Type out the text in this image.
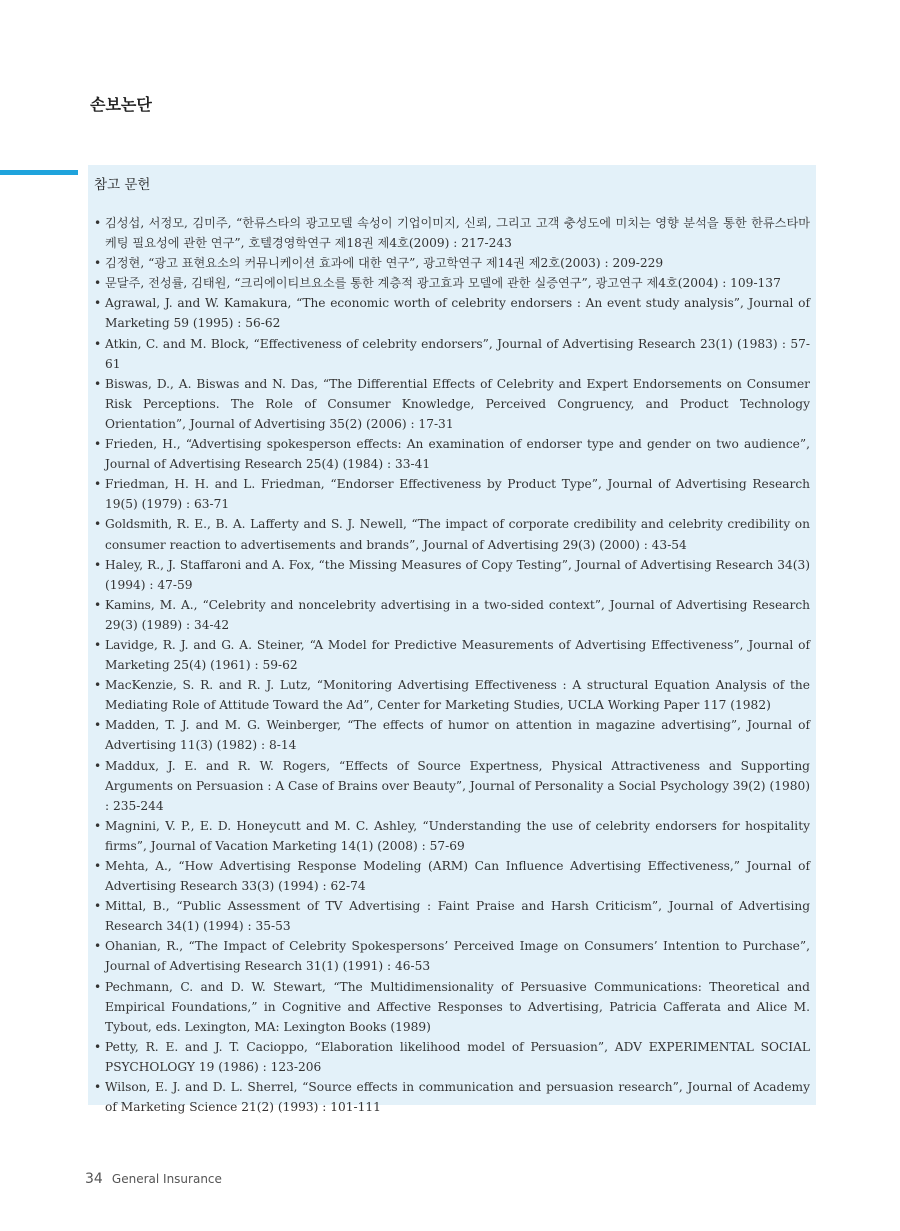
손보논단
참고 문헌
• 김성섭, 서정모, 김미주, “한류스타의 광고모델 속성이 기업이미지, 신뢰, 그리고 고객 충성도에 미치는 영향 분석을 통한 한류스타마케팅 필요성에 관한 연구”, 호텔경영학연구 제18권 제4호(2009) : 217-243
• 김정현, “광고 표현요소의 커뮤니케이션 효과에 대한 연구”, 광고학연구 제14권 제2호(2003) : 209-229
• 문달주, 전성률, 김태원, “크리에이티브요소를 통한 계층적 광고효과 모델에 관한 실증연구”, 광고연구 제4호(2004) : 109-137
• Agrawal, J. and W. Kamakura, “The economic worth of celebrity endorsers : An event study analysis”, Journal of Marketing 59 (1995) : 56-62
• Atkin, C. and M. Block, “Effectiveness of celebrity endorsers”, Journal of Advertising Research 23(1) (1983) : 57-61
• Biswas, D., A. Biswas and N. Das, “The Differential Effects of Celebrity and Expert Endorsements on Consumer Risk Perceptions. The Role of Consumer Knowledge, Perceived Congruency, and Product Technology Orientation”, Journal of Advertising 35(2) (2006) : 17-31
• Frieden, H., “Advertising spokesperson effects: An examination of endorser type and gender on two audience”, Journal of Advertising Research 25(4) (1984) : 33-41
• Friedman, H. H. and L. Friedman, “Endorser Effectiveness by Product Type”, Journal of Advertising Research 19(5) (1979) : 63-71
• Goldsmith, R. E., B. A. Lafferty and S. J. Newell, “The impact of corporate credibility and celebrity credibility on consumer reaction to advertisements and brands”, Journal of Advertising 29(3) (2000) : 43-54
• Haley, R., J. Staffaroni and A. Fox, “the Missing Measures of Copy Testing”, Journal of Advertising Research 34(3) (1994) : 47-59
• Kamins, M. A., “Celebrity and noncelebrity advertising in a two-sided context”, Journal of Advertising Research 29(3) (1989) : 34-42
• Lavidge, R. J. and G. A. Steiner, “A Model for Predictive Measurements of Advertising Effectiveness”, Journal of Marketing 25(4) (1961) : 59-62
• MacKenzie, S. R. and R. J. Lutz, “Monitoring Advertising Effectiveness : A structural Equation Analysis of the Mediating Role of Attitude Toward the Ad”, Center for Marketing Studies, UCLA Working Paper 117 (1982)
• Madden, T. J. and M. G. Weinberger, “The effects of humor on attention in magazine advertising”, Journal of Advertising 11(3) (1982) : 8-14
• Maddux, J. E. and R. W. Rogers, “Effects of Source Expertness, Physical Attractiveness and Supporting Arguments on Persuasion : A Case of Brains over Beauty”, Journal of Personality a Social Psychology 39(2) (1980) : 235-244
• Magnini, V. P., E. D. Honeycutt and M. C. Ashley, “Understanding the use of celebrity endorsers for hospitality firms”, Journal of Vacation Marketing 14(1) (2008) : 57-69
• Mehta, A., “How Advertising Response Modeling (ARM) Can Influence Advertising Effectiveness,” Journal of Advertising Research 33(3) (1994) : 62-74
• Mittal, B., “Public Assessment of TV Advertising : Faint Praise and Harsh Criticism”, Journal of Advertising Research 34(1) (1994) : 35-53
• Ohanian, R., “The Impact of Celebrity Spokespersons’ Perceived Image on Consumers’ Intention to Purchase”, Journal of Advertising Research 31(1) (1991) : 46-53
• Pechmann, C. and D. W. Stewart, “The Multidimensionality of Persuasive Communications: Theoretical and Empirical Foundations,” in Cognitive and Affective Responses to Advertising, Patricia Cafferata and Alice M. Tybout, eds. Lexington, MA: Lexington Books (1989)
• Petty, R. E. and J. T. Cacioppo, “Elaboration likelihood model of Persuasion”, ADV EXPERIMENTAL SOCIAL PSYCHOLOGY 19 (1986) : 123-206
• Wilson, E. J. and D. L. Sherrel, “Source effects in communication and persuasion research”, Journal of Academy of Marketing Science 21(2) (1993) : 101-111
34 General Insurance
